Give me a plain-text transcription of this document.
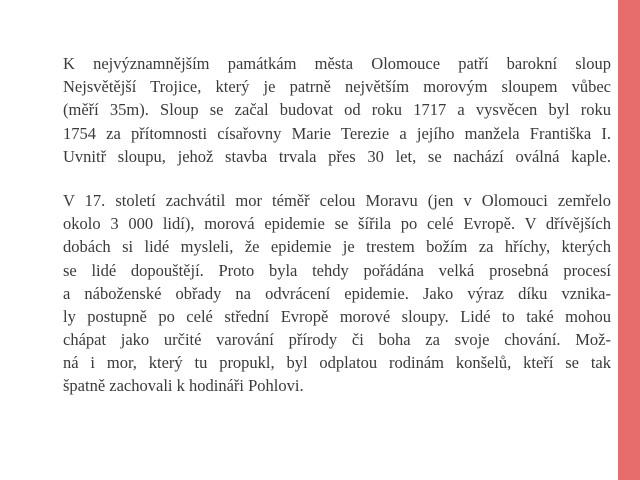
K nejvýznamnějším památkám města Olomouce patří barokní sloup
Nejsvětější Trojice, který je patrně největším morovým sloupem vůbec
(měří 35m). Sloup se začal budovat od roku 1717 a vysvěcen byl roku
1754 za přítomnosti císařovny Marie Terezie a jejího manžela Františka I.
Uvnitř sloupu, jehož stavba trvala přes 30 let, se nachází oválná kaple.

V 17. století zachvátil mor téměř celou Moravu (jen v Olomouci zemřelo
okolo 3 000 lidí), morová epidemie se šířila po celé Evropě. V dřívějších
dobách si lidé mysleli, že epidemie je trestem božím za hříchy, kterých
se lidé dopouštějí. Proto byla tehdy pořádána velká prosebná procesí
a náboženské obřady na odvrácení epidemie. Jako výraz díku vznika-
ly postupně po celé střední Evropě morové sloupy. Lidé to také mohou
chápat jako určité varování přírody či boha za svoje chování. Mož-
ná i mor, který tu propukl, byl odplatou rodinám konšelů, kteří se tak
špatně zachovali k hodináři Pohlovi.
